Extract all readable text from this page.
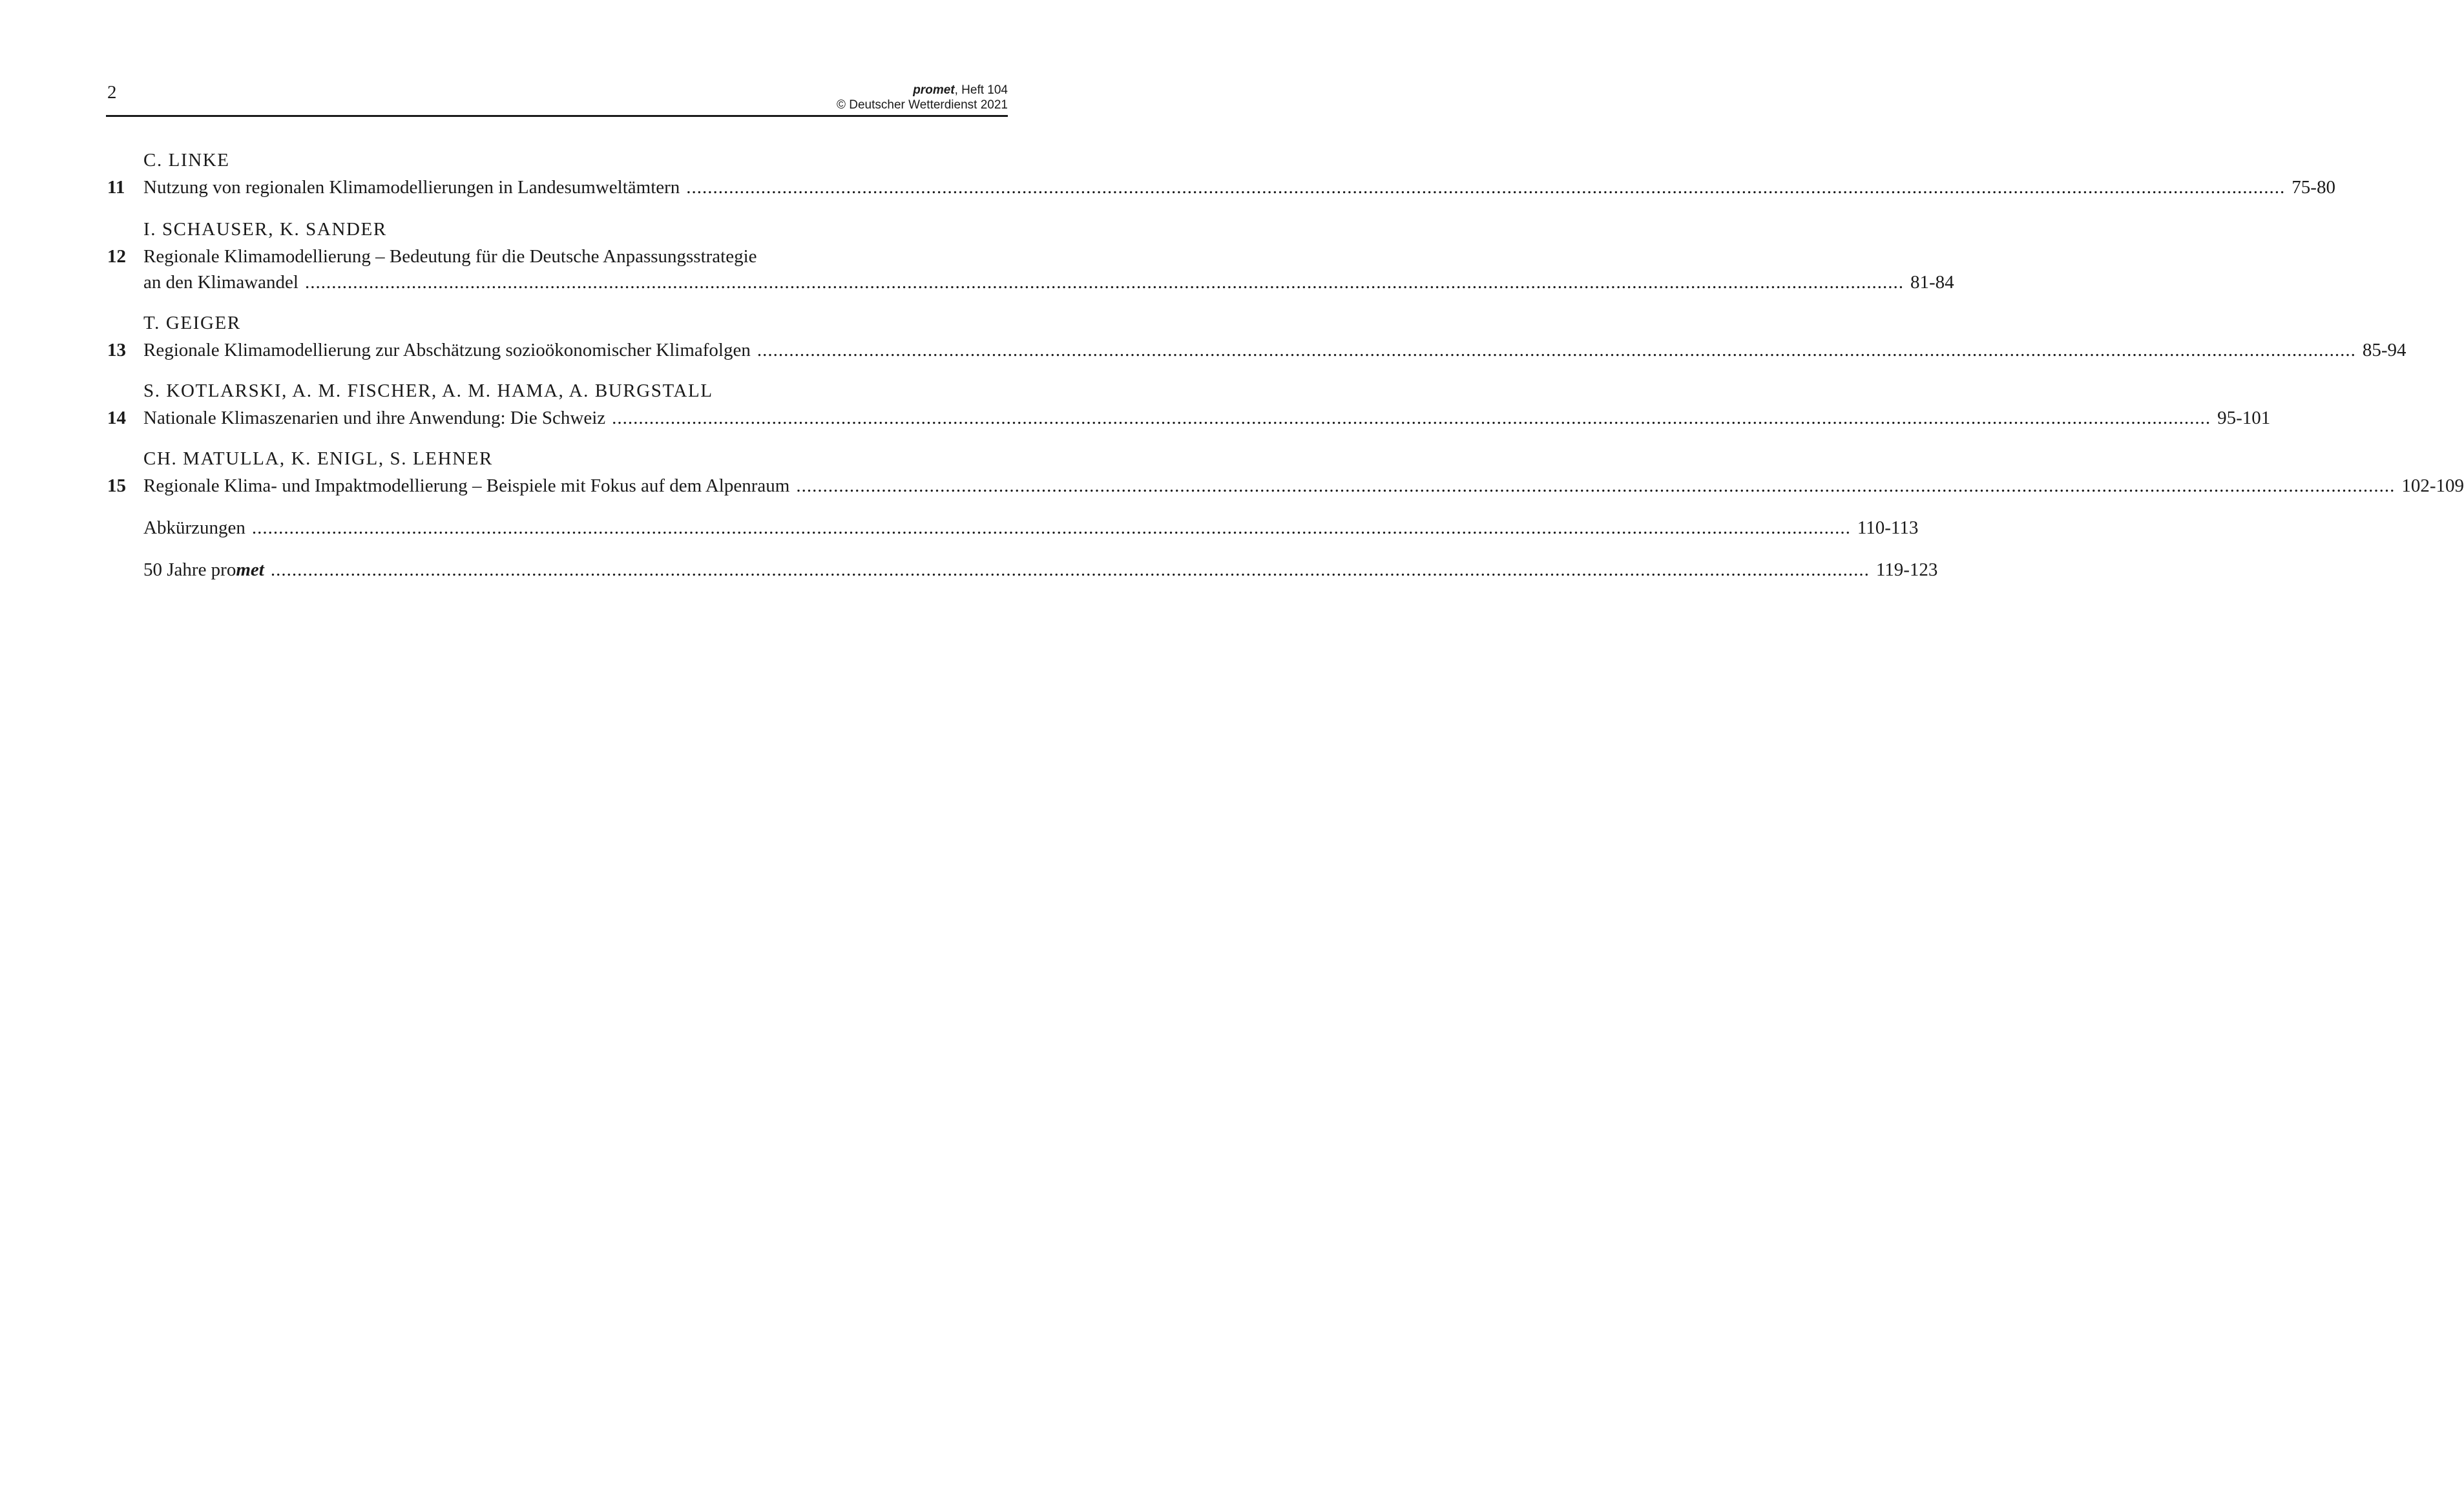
2	promet, Heft 104
© Deutscher Wetterdienst 2021
C. LINKE
11 Nutzung von regionalen Klimamodellierungen in Landesumweltämtern ............................................................................................................................................................................................................................................................................................................ 75-80
I. SCHAUSER, K. SANDER
12 Regionale Klimamodellierung – Bedeutung für die Deutsche Anpassungsstrategie
an den Klimawandel ............................................................................................................................................................................................................................................................................................................ 81-84
T. GEIGER
13 Regionale Klimamodellierung zur Abschätzung sozioökonomischer Klimafolgen ............................................................................................................................................................................................................................................................................................................ 85-94
S. KOTLARSKI, A. M. FISCHER, A. M. HAMA, A. BURGSTALL
14 Nationale Klimaszenarien und ihre Anwendung: Die Schweiz ............................................................................................................................................................................................................................................................................................................ 95-101
CH. MATULLA, K. ENIGL, S. LEHNER
15 Regionale Klima- und Impaktmodellierung – Beispiele mit Fokus auf dem Alpenraum ............................................................................................................................................................................................................................................................................................................ 102-109
Abkürzungen ............................................................................................................................................................................................................................................................................................................ 110-113
50 Jahre promet ............................................................................................................................................................................................................................................................................................................ 119-123
